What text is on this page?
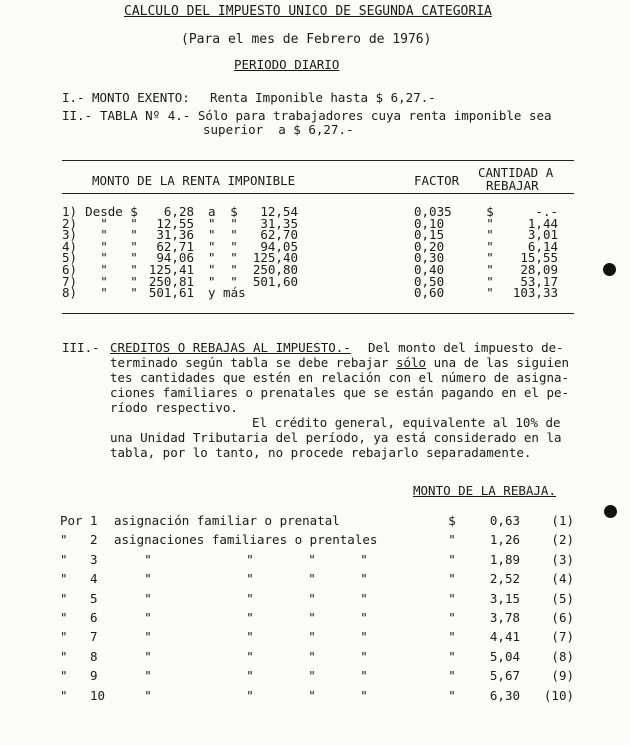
CALCULO DEL IMPUESTO UNICO DE SEGUNDA CATEGORIA
(Para el mes de Febrero de 1976)
PERIODO DIARIO
I.- MONTO EXENTO: Renta Imponible hasta $ 6,27.-
II.- TABLA Nº 4.- Sólo para trabajadores cuya renta imponible sea
superior  a $ 6,27.-
MONTO DE LA RENTA IMPONIBLE	FACTOR
CANTIDAD A
REBAJAR
1) Desde $	6,28 a	$	12,54	0,035	$	-.-
2)	"	"	12,55 "	"	31,35	0,10	"	1,44
3)	"	"	31,36 "	"	62,70	0,15	"	3,01
4)	"	"	62,71 "	"	94,05	0,20	"	6,14
5)	"	"	94,06 "	"	125,40	0,30	"	15,55
6)	"	" 125,41 "	"	250,80	0,40	"	28,09
7)	"	" 250,81 "	"	501,60	0,50	"	53,17
8)	"	" 501,61 y más	0,60	"	103,33
III.- CREDITOS O REBAJAS AL IMPUESTO.- Del monto del impuesto de-
terminado según tabla se debe rebajar sólo una de las siguien
tes cantidades que estén en relación con el número de asigna-
ciones familiares o prenatales que se están pagando en el pe-
ríodo respectivo.
El crédito general, equivalente al 10% de
una Unidad Tributaria del período, ya está considerado en la
tabla, por lo tanto, no procede rebajarlo separadamente.
MONTO DE LA REBAJA.
Por 1 asignación familiar o prenatal	$	0,63	(1)
" 2 asignaciones familiares o prentales	"	1,26	(2)
" 3	"	"	"	"	"	1,89	(3)
" 4	"	"	"	"	"	2,52	(4)
" 5	"	"	"	"	"	3,15	(5)
" 6	"	"	"	"	"	3,78	(6)
" 7	"	"	"	"	"	4,41	(7)
" 8	"	"	"	"	"	5,04	(8)
" 9	"	"	"	"	"	5,67	(9)
" 10	"	"	"	"	"	6,30	(10)
